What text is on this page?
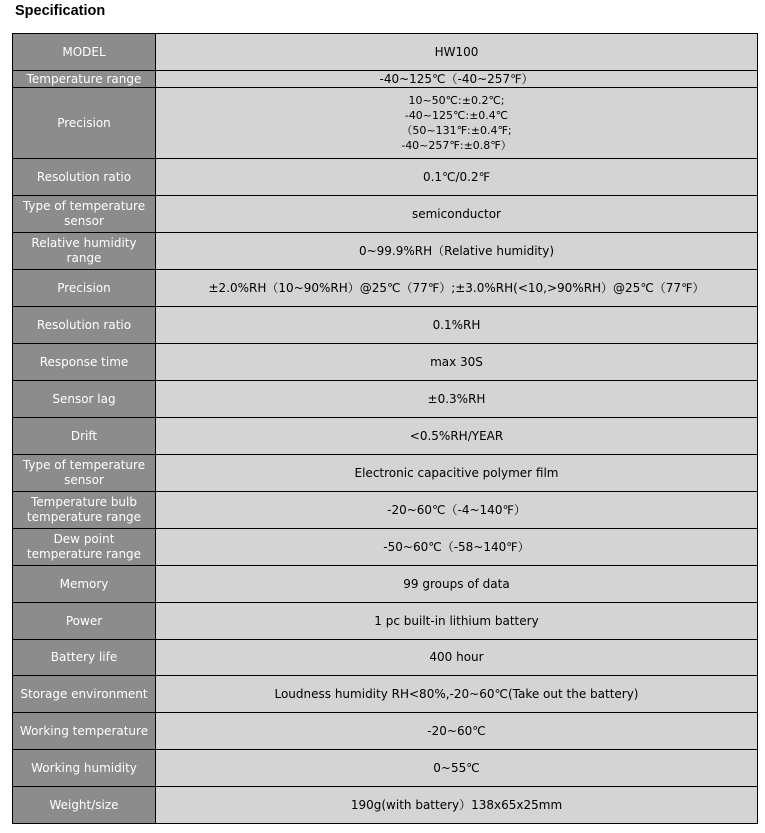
Specification
MODEL	HW100
Temperature range	-40~125℃（-40~257℉）
Precision	10~50℃:±0.2℃;
-40~125℃:±0.4℃
（50~131℉:±0.4℉;
-40~257℉:±0.8℉）

Resolution ratio	0.1℃/0.2℉
Type of temperature sensor	semiconductor
Relative humidity range	0~99.9%RH（Relative humidity)
Precision	±2.0%RH（10~90%RH）@25℃（77℉）;±3.0%RH(<10,>90%RH）@25℃（77℉）
Resolution ratio	0.1%RH
Response time	max 30S
Sensor lag	±0.3%RH
Drift	<0.5%RH/YEAR
Type of temperature sensor	Electronic capacitive polymer film
Temperature bulb temperature range	-20~60℃（-4~140℉）
Dew point temperature range	-50~60℃（-58~140℉）
Memory	99 groups of data
Power	1 pc built-in lithium battery
Battery life	400 hour
Storage environment	Loudness humidity RH<80%,-20~60℃(Take out the battery)
Working temperature	-20~60℃
Working humidity	0~55℃
Weight/size	190g(with battery）138x65x25mm
